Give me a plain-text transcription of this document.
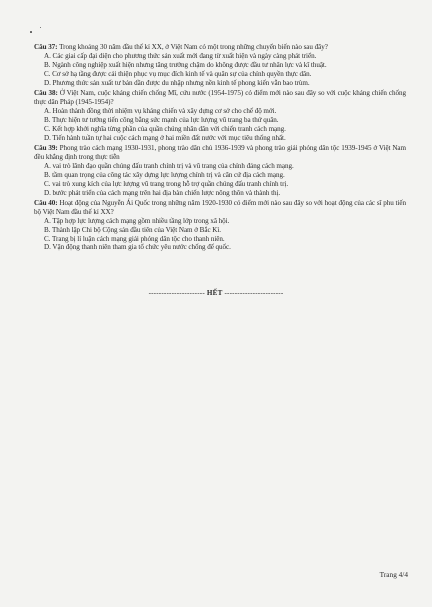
Câu 37: Trong khoảng 30 năm đầu thế kỉ XX, ở Việt Nam có một trong những chuyển biến nào sau đây?
A. Các giai cấp đại diện cho phương thức sản xuất mới đang từ xuất hiện và ngày càng phát triển.
B. Ngành công nghiệp xuất hiện nhưng tăng trưởng chậm do không được đầu tư nhân lực và kĩ thuật.
C. Cơ sở hạ tầng được cải thiện phục vụ mục đích kinh tế và quân sự của chính quyền thực dân.
D. Phương thức sản xuất tư bản dần được du nhập nhưng nền kinh tế phong kiến vẫn bao trùm.
Câu 38: Ở Việt Nam, cuộc kháng chiến chống Mĩ, cứu nước (1954-1975) có điểm mới nào sau đây so với cuộc kháng chiến chống thực dân Pháp (1945-1954)?
A. Hoàn thành đồng thời nhiệm vụ kháng chiến và xây dựng cơ sở cho chế độ mới.
B. Thực hiện tư tưởng tiến công bằng sức mạnh của lực lượng vũ trang ba thứ quân.
C. Kết hợp khởi nghĩa từng phần của quần chúng nhân dân với chiến tranh cách mạng.
D. Tiến hành tuần tự hai cuộc cách mạng ở hai miền đất nước với mục tiêu thống nhất.
Câu 39: Phong trào cách mạng 1930-1931, phong trào dân chủ 1936-1939 và phong trào giải phóng dân tộc 1939-1945 ở Việt Nam đều khẳng định trong thực tiễn
A. vai trò lãnh đạo quần chúng đấu tranh chính trị và vũ trang của chính đảng cách mạng.
B. tầm quan trọng của công tác xây dựng lực lượng chính trị và căn cứ địa cách mạng.
C. vai trò xung kích của lực lượng vũ trang trong hỗ trợ quần chúng đấu tranh chính trị.
D. bước phát triển của cách mạng trên hai địa bàn chiến lược nông thôn và thành thị.
Câu 40: Hoạt động của Nguyễn Ái Quốc trong những năm 1920-1930 có điểm mới nào sau đây so với hoạt động của các sĩ phu tiến bộ Việt Nam đầu thế kỉ XX?
A. Tập hợp lực lượng cách mạng gồm nhiều tầng lớp trong xã hội.
B. Thành lập Chi bộ Cộng sản đầu tiên của Việt Nam ở Bắc Kì.
C. Trang bị lí luận cách mạng giải phóng dân tộc cho thanh niên.
D. Vận động thanh niên tham gia tổ chức yêu nước chống đế quốc.
---------------------- HẾT -----------------------
Trang 4/4
